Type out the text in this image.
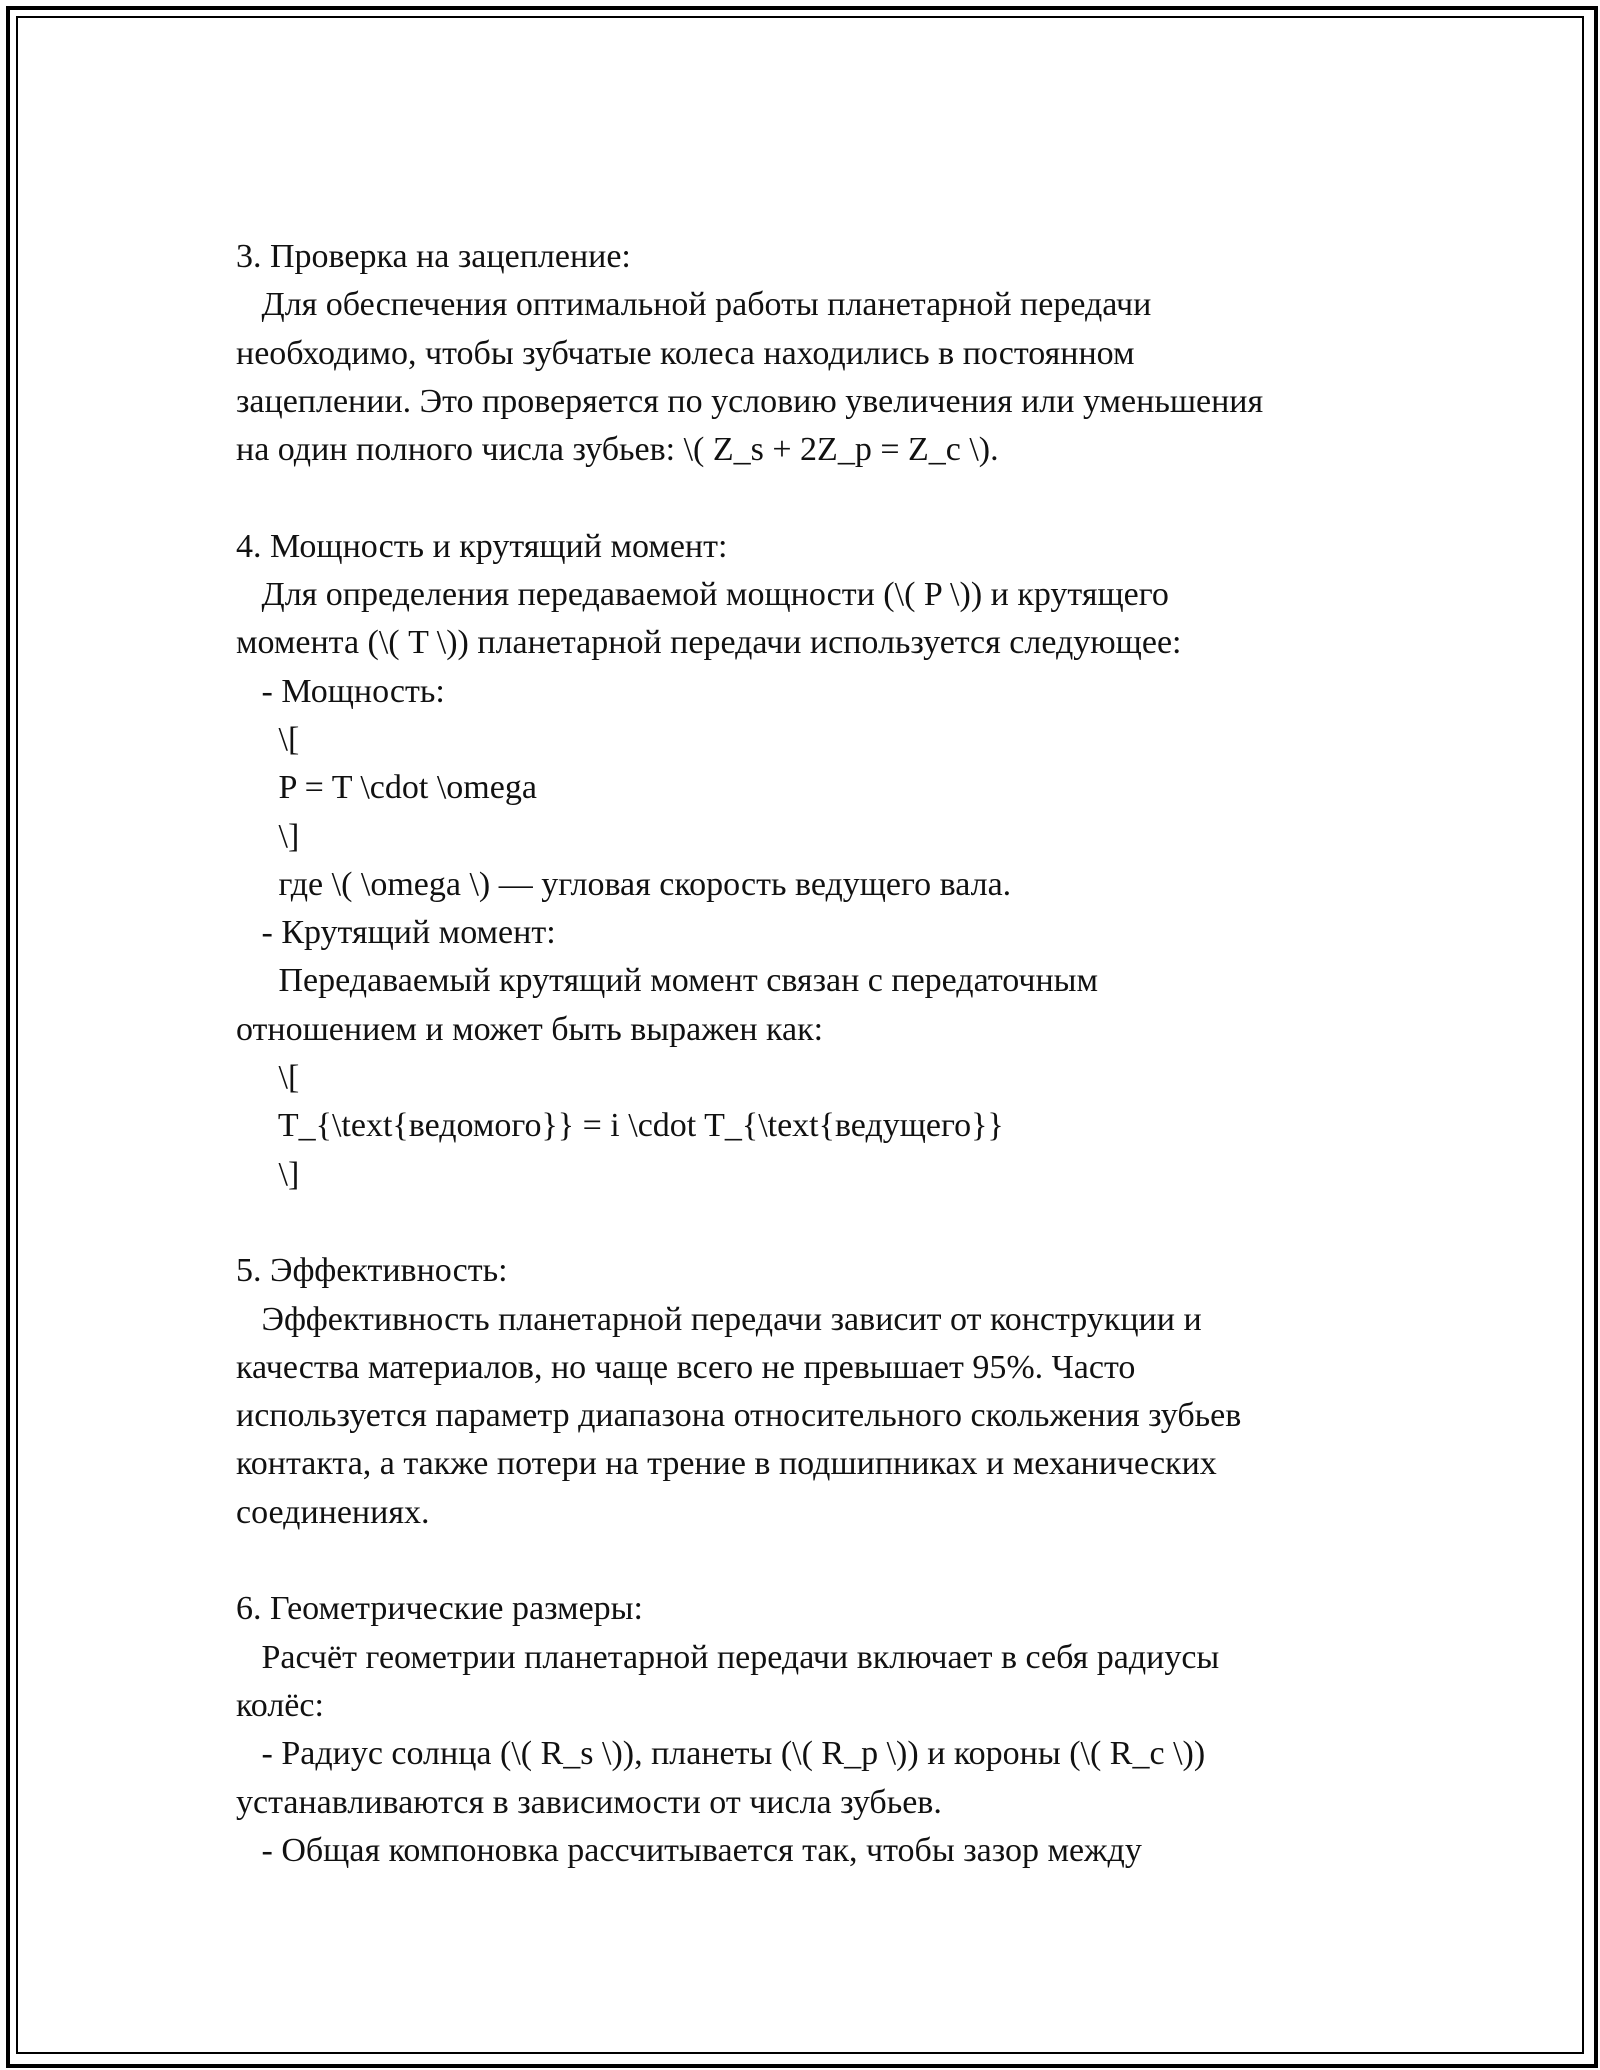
3. Проверка на зацепление:
Для обеспечения оптимальной работы планетарной передачи
необходимо, чтобы зубчатые колеса находились в постоянном
зацеплении. Это проверяется по условию увеличения или уменьшения
на один полного числа зубьев: \( Z_s + 2Z_p = Z_c \).
4. Мощность и крутящий момент:
Для определения передаваемой мощности (\( P \)) и крутящего
момента (\( T \)) планетарной передачи используется следующее:
- Мощность:
\[
P = T \cdot \omega
\]
где \( \omega \) — угловая скорость ведущего вала.
- Крутящий момент:
Передаваемый крутящий момент связан с передаточным
отношением и может быть выражен как:
\[
T_{\text{ведомого}} = i \cdot T_{\text{ведущего}}
\]
5. Эффективность:
Эффективность планетарной передачи зависит от конструкции и
качества материалов, но чаще всего не превышает 95%. Часто
используется параметр диапазона относительного скольжения зубьев
контакта, а также потери на трение в подшипниках и механических
соединениях.
6. Геометрические размеры:
Расчёт геометрии планетарной передачи включает в себя радиусы
колёс:
- Радиус солнца (\( R_s \)), планеты (\( R_p \)) и короны (\( R_c \))
устанавливаются в зависимости от числа зубьев.
- Общая компоновка рассчитывается так, чтобы зазор между
